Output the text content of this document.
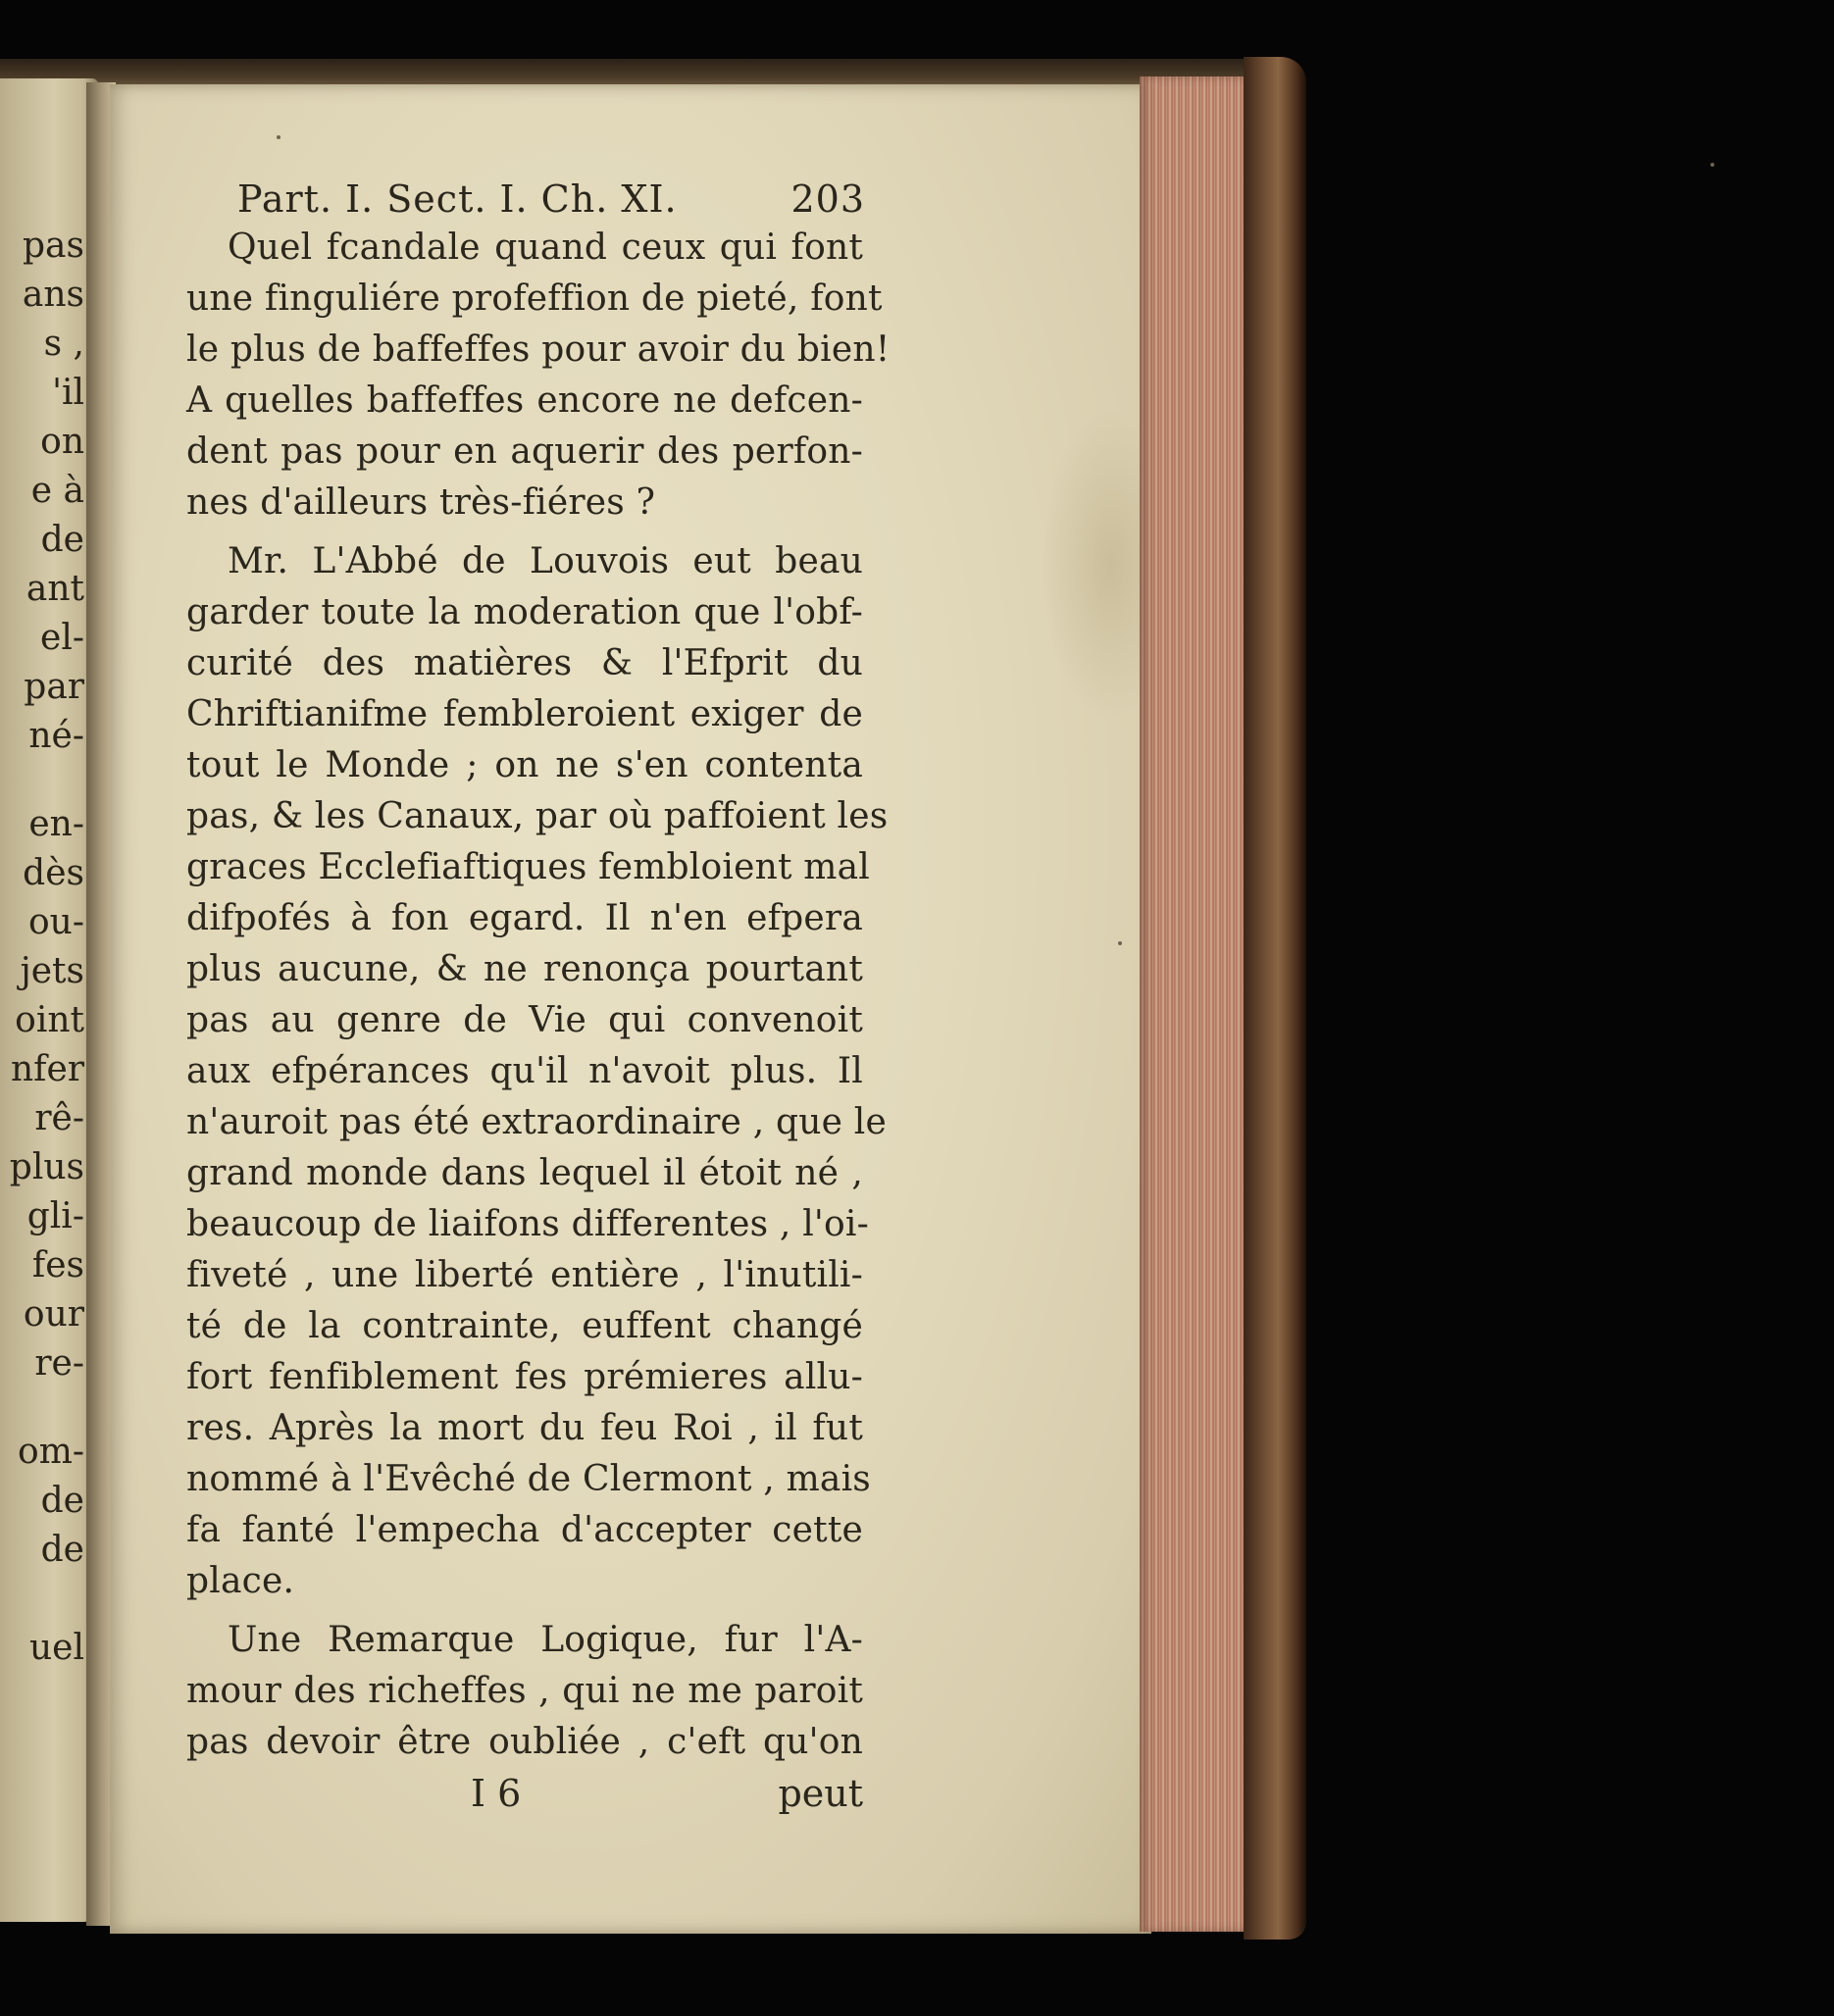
pas
ans
s ,
'il
on
e à
de
ant
el-
par
né-
en-
dès
ou-
jets
oint
nfer
rê-
plus
gli-
fes
our
re-
om-
de
de
uel
Part. I. Sect. I. Ch. XI.	203
Quel fcandale quand ceux qui font
une finguliére profeffion de pieté, font
le plus de baffeffes pour avoir du bien!
A quelles baffeffes encore ne defcen-
dent pas pour en aquerir des perfon-
nes d'ailleurs très-fiéres ?
Mr. L'Abbé de Louvois eut beau
garder toute la moderation que l'obf-
curité des matières & l'Efprit du
Chriftianifme fembleroient exiger de
tout le Monde ; on ne s'en contenta
pas, & les Canaux, par où paffoient les
graces Ecclefiaftiques fembloient mal
difpofés à fon egard. Il n'en efpera
plus aucune, & ne renonça pourtant
pas au genre de Vie qui convenoit
aux efpérances qu'il n'avoit plus. Il
n'auroit pas été extraordinaire , que le
grand monde dans lequel il étoit né ,
beaucoup de liaifons differentes , l'oi-
fiveté , une liberté entière , l'inutili-
té de la contrainte, euffent changé
fort fenfiblement fes prémieres allu-
res. Après la mort du feu Roi , il fut
nommé à l'Evêché de Clermont , mais
fa fanté l'empecha d'accepter cette
place.
Une Remarque Logique, fur l'A-
mour des richeffes , qui ne me paroit
pas devoir être oubliée , c'eft qu'on
I 6	peut
